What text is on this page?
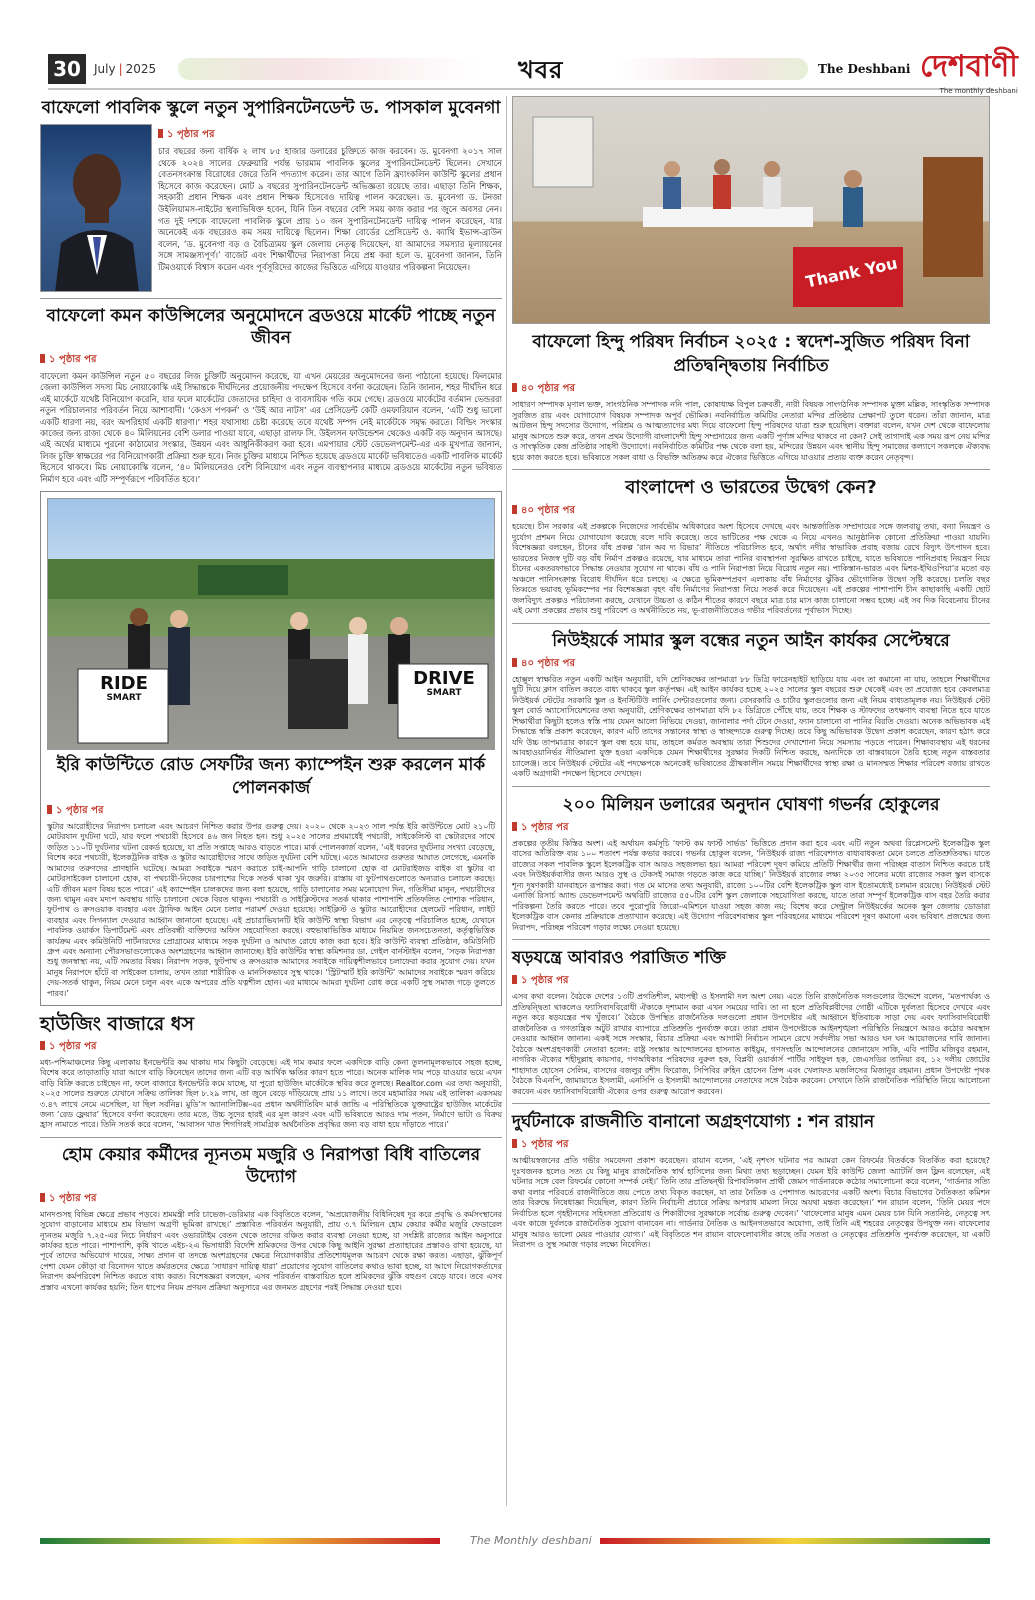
30	July | 2025	খবর	The Deshbani দেশবাণী
The monthly deshbani
বাফেলো পাবলিক স্কুলে নতুন সুপারিনটেনডেন্ট ড. পাসকাল মুবেনগা
১ পৃষ্ঠার পর
চার বছরের জন্য বার্ষিক ২ লাখ ৮৫ হাজার ডলারের চুক্তিতে কাজ করবেন। ড. মুবেনগা ২০১৭ সাল থেকে ২০২৪ সালের ফেব্রুয়ারি পর্যন্ত ভারমাম পাবলিক স্কুলের সুপারিনটেনডেন্ট ছিলেন। সেখানে বেতনসংক্রান্ত বিরোধের জেরে তিনি পদত্যাগ করেন। তার আগে তিনি ফ্র্যাংকলিন কাউন্টি স্কুলের প্রধান হিসেবে কাজ করেছেন। মোট ৯ বছরের সুপারিনটেনডেন্ট অভিজ্ঞতা রয়েছে তার। এছাড়া তিনি শিক্ষক, সহকারী প্রধান শিক্ষক এবং প্রধান শিক্ষক হিসেবেও দায়িত্ব পালন করেছেন। ড. মুবেনগা ড. টনজা উইলিয়ামস-নাইটের স্থলাভিষিক্ত হবেন, যিনি তিন বছরের বেশি সময় কাজ করার পর জুনে অবসর নেন। গত দুই দশকে বাফেলো পাবলিক স্কুলে প্রায় ১০ জন সুপারিনটেনডেন্ট দায়িত্ব পালন করেছেন, যার অনেকেই এক বছরেরও কম সময় দায়িত্বে ছিলেন। শিক্ষা বোর্ডের প্রেসিডেন্ট ও. ক্যাথি ইভান্স-ব্রাউন বলেন, ‘ড. মুবেনগা বড় ও বৈচিত্র্যময় স্কুল জেলায় নেতৃত্ব দিয়েছেন, যা আমাদের সমস্যার মূল্যায়নের সঙ্গে সামঞ্জস্যপূর্ণ।’ বাজেট এবং শিক্ষার্থীদের নিরাপত্তা নিয়ে প্রশ্ন করা হলে ড. মুবেনগা জানান, তিনি টিমওয়ার্কে বিশ্বাস করেন এবং পূর্বসূরিদের কাজের ভিত্তিতে এগিয়ে যাওয়ার পরিকল্পনা নিয়েছেন।
বাফেলো কমন কাউন্সিলের অনুমোদনে ব্রডওয়ে মার্কেট পাচ্ছে নতুন জীবন
১ পৃষ্ঠার পর
বাফেলো কমন কাউন্সিল নতুন ৫০ বছরের লিজ চুক্তিটি অনুমোদন করেছে, যা এখন মেয়রের অনুমোদনের জন্য পাঠানো হয়েছে। ফিলমোর জেলা কাউন্সিল সদস্য মিচ নোয়াকোস্কি এই সিদ্ধান্তকে দীর্ঘদিনের প্রয়োজনীয় পদক্ষেপ হিসেবে বর্ণনা করেছেন। তিনি জানান, শহর দীর্ঘদিন ধরে এই মার্কেটে যথেষ্ট বিনিয়োগ করেনি, যার ফলে মার্কেটের জেতাদের চাহিদা ও ব্যবসায়িক গতি কমে গেছে। ব্রডওয়ে মার্কেটের বর্তমান ভেন্ডররা নতুন পরিচালনার পরিবর্তন নিয়ে আশাবাদী। ‘কেওস পপকর্ন’ ও ‘উই আর নাটস’ এর প্রেসিডেন্ট কেটি ওমফারিয়ান বলেন, ‘এটি শুধু ভালো একটি ধারণা নয়, বরং অপরিহার্য একটি ধারণা।’ শহর যথাসাধ্য চেষ্টা করেছে তবে যথেষ্ট সম্পদ নেই মার্কেটকে সমৃদ্ধ করতে। বিল্ডিং সংস্কার কাজের জন্য রাজ্য থেকে ৪০ মিলিয়নের বেশি ডলার পাওয়া যাবে, এছাড়া রালফ সি. উইলসন ফাউন্ডেশন থেকেও একটি বড় অনুদান আসছে। এই অর্থের মাধ্যমে পুরনো কাঠামোর সংস্কার, উন্নয়ন এবং আধুনিকীকরণ করা হবে। এমপায়ার স্টেট ডেভেলপমেন্ট-এর এক মুখপাত্র জানান, লিজ চুক্তি স্বাক্ষরের পর বিনিয়োগকারী প্রক্রিয়া শুরু হবে। নিজ চুক্তির মাধ্যমে নিশ্চিত হয়েছে ব্রডওয়ে মার্কেট ভবিষ্যতেও একটি পাবলিক মার্কেট হিসেবে থাকবে। মিচ নোয়াকোস্কি বলেন, ‘৪০ মিলিয়নেরও বেশি বিনিয়োগ এবং নতুন ব্যবস্থাপনার মাধ্যমে ব্রডওয়ে মার্কেটের নতুন ভবিষ্যত নির্মাণ হবে এবং এটি সম্পূর্ণরূপে পরিবর্তিত হবে।’
RIDE
SMART
DRIVE
SMART
ইরি কাউন্টিতে রোড সেফটির জন্য ক্যাম্পেইন শুরু করলেন মার্ক পোলনকার্জ
১ পৃষ্ঠার পর
স্কুটার আরোহীদের নিরাপদ চলাচল এবং আচরণ নিশ্চিত করার উপর গুরুত্ব দেয়। ২০২০ থেকে ২০২৩ সাল পর্যন্ত ইরি কাউন্টিতে মোট ২১০টি মোটরযান দুর্ঘটনা ঘটে, যার ফলে পথচারী হিসেবে ৪৬ জন নিহত হন। শুধু ২০২৫ সালের প্রথমার্ধেই পথচারী, সাইকেলিস্ট বা স্কেটারদের সাথে জড়িত ১১০টি দুর্ঘটনার ঘটনা রেকর্ড হয়েছে, যা প্রতি সপ্তাহে আরও বাড়তে পারে। মার্ক পোলনকার্জ বলেন, ‘এই ধরনের দুর্ঘটনার সংখ্যা বেড়েছে, বিশেষ করে পথচারী, ইলেকট্রনিক বাইক ও স্কুটার আরোহীদের সাথে জড়িত দুর্ঘটনা বেশি ঘটছে। এতে আমাদের গুরুতর আঘাত লেগেছে, এমনকি আমাদের তরুণদের প্রাণহানি ঘটেছে। আমরা সবাইকে স্মরণ করাতে চাই-আপনি গাড়ি চালানো হোক বা মোটরাইজড বাইক বা স্কুটার বা মোটরসাইকেল চালানো হোক, বা পথচারী-নিজের চারপাশের দিকে সতর্ক থাকা খুব জরুরি। রাস্তায় বা ফুটপাথগুলোতে অন্যরাও চলাচল করছে। এটি জীবন মরণ বিষয় হতে পারে।’ এই ক্যাম্পেইন চালকদের জন্য বলা হয়েছে, গাড়ি চালানোর সময় মনোযোগ দিন, গতিসীমা মানুন, পথচারীদের জন্য থামুন এবং মদ্যপ অবস্থায় গাড়ি চালানো থেকে বিরত থাকুন। পথচারী ও সাইক্লিস্টদের সতর্ক থাকার পাশাপাশি প্রতিফলিত পোশাক পরিধান, ফুটপাথ ও ক্রসওয়াক ব্যবহার এবং ট্রাফিক আইন মেনে চলার পরামর্শ দেওয়া হয়েছে। সাইক্লিস্ট ও স্কুটার আরোহীদের হেলমেট পরিধান, লাইট ব্যবহার এবং সিগন্যাল দেওয়ার আহ্বান জানানো হয়েছে। এই প্রচারাভিযানটি ইরি কাউন্টি স্বাস্থ্য বিভাগ এর নেতৃত্বে পরিচালিত হচ্ছে, যেখানে পাবলিক ওয়ার্কস ডিপার্টমেন্ট এবং প্রতিবন্ধী ব্যক্তিদের অফিস সহযোগিতা করছে। বহুভাষাভিত্তিক মাধ্যমে নিয়মিত জনসচেতনতা, কর্তৃত্বভিত্তিক কার্যক্রম এবং কমিউনিটি পার্টনারদের প্রোগ্রামের মাধ্যমে সড়ক দুর্ঘটনা ও আঘাত রোধে কাজ করা হবে। ইরি কাউন্টি ব্যবস্থা প্রতিষ্ঠান, কমিউনিটি গ্রুপ এবং অন্যান্য পৌরসভাগুলোকেও অংশগ্রহণের আহ্বান জানাচ্ছে। ইরি কাউন্টির স্বাস্থ্য কমিশনার ডা. গেইল বার্নস্টাইন বলেন, ‘সড়ক নিরাপত্তা শুধু জনস্বাস্থ্য নয়, এটি সমতার বিষয়। নিরাপদ সড়ক, ফুটপাথ ও ক্রসওয়াক আমাদের সবাইকে দায়িত্বশীলভাবে চলাফেরা করার সুযোগ দেয়। যখন মানুষ নিরাপদে হাঁটে বা সাইকেল চালায়, তখন তারা শারীরিক ও মানসিকভাবে সুস্থ থাকে। ‘স্ট্রিটস্মার্ট ইরি কাউন্টি’ আমাদের সবাইকে স্মরণ করিয়ে দেয়-সতর্ক থাকুন, নিয়ম মেনে চলুন এবং একে অপরের প্রতি যত্নশীল হোন। এর মাধ্যমে আমরা দুর্ঘটনা রোধ করে একটি সুস্থ সমাজ গড়ে তুলতে পারব।’
হাউজিং বাজারে ধস
১ পৃষ্ঠার পর
মধ্য-পশ্চিমাঞ্চলের কিছু এলাকায় ইনভেন্টরি কম থাকায় দাম কিছুটা বেড়েছে। এই দাম কমার ফলে একদিকে বাড়ি কেনা তুলনামূলকভাবে সহজ হচ্ছে, বিশেষ করে তাড়াতাড়ি যারা আগে বাড়ি কিনেছেন তাদের জন্য এটি বড় আর্থিক ক্ষতির কারণ হতে পারে। অনেক মালিক দাম পড়ে যাওয়ার ভয়ে এখন বাড়ি বিক্রি করতে চাইছেন না, ফলে বাজারে ইনভেন্টরি কমে যাচ্ছে, যা পুরো হাউজিং মার্কেটকে স্থবির করে তুলছে। Realtor.com এর তথ্য অনুযায়ী, ২০২৫ সালের শুরুতে যেখানে সক্রিয় তালিকা ছিল ৮.২৯ লাখ, তা জুনে বেড়ে দাঁড়িয়েছে প্রায় ১১ লাখে। তবে মহামারির সময় এই তালিকা একসময় ৩.৪৭ লাখে নেমে এসেছিল, যা ছিল সর্বনিম্ন। মুডি’স অ্যানালিটিক্স-এর প্রধান অর্থনীতিবিদ মার্ক জান্ডি এ পরিস্থিতিকে যুক্তরাষ্ট্রের হাউজিং মার্কেটের জন্য ‘রেড ফ্লেয়ার’ হিসেবে বর্ণনা করেছেন। তার মতে, উচ্চ সুদের হারই এর মূল কারণ এবং এটি ভবিষ্যতে আরও দাম পতন, নির্মাণে ভাটা ও বিক্রয় হ্রাস নামাতে পারে। তিনি সতর্ক করে বলেন, ‘আবাসন খাত শিগগিরই সামগ্রিক অর্থনৈতিক প্রবৃদ্ধির জন্য বড় বাধা হয়ে দাঁড়াতে পারে।’
হোম কেয়ার কর্মীদের ন্যূনতম মজুরি ও নিরাপত্তা বিধি বাতিলের উদ্যোগ
১ পৃষ্ঠার পর
মানদণ্ডসহ বিভিন্ন ক্ষেত্রে প্রভাব পড়বে। শ্রমমন্ত্রী লরি চাভেজ-ডেরিমার এক বিবৃতিতে বলেন, ‘অপ্রয়োজনীয় বিধিনিষেধ দূর করে প্রবৃদ্ধি ও কর্মসংস্থানের সুযোগ বাড়ানোর মাধ্যমে শ্রম বিভাগ অগ্রণী ভূমিকা রাখছে।’ প্রস্তাবিত পরিবর্তন অনুযায়ী, প্রায় ৩.৭ মিলিয়ন হোম কেয়ার কর্মীর মজুরি ফেডারেল ন্যূনতম মজুরি ৭.২৫-এর নিচে নির্ধারণ এবং ওভারটাইম বেতন থেকে তাদের বঞ্চিত করার ব্যবস্থা নেওয়া হচ্ছে, যা সংশ্লিষ্ট রাজ্যের আইন অনুসারে কার্যকর হতে পারে। পাশাপাশি, কৃষি খাতে এইচ-২এ ভিসাধারী বিদেশি শ্রমিকদের উপর থেকে কিছু আইনি সুরক্ষা প্রত্যাহারের প্রস্তাবও রাখা হয়েছে, যা পূর্বে তাদের অভিযোগ দায়ের, সাক্ষ্য প্রদান বা তদন্তে অংশগ্রহণের ক্ষেত্রে নিয়োগকারীর প্রতিশোধমূলক আচরণ থেকে রক্ষা করত। এছাড়া, ঝুঁকিপূর্ণ পেশা যেমন কৌড়া বা বিনোদন খাতে কর্মরতদের ক্ষেত্রে ‘সাধারণ দায়িত্ব ধারা’ প্রয়োগের সুযোগ বাতিলের কথাও ভাবা হচ্ছে, যা আগে নিয়োগকর্তাদের নিরাপদ কর্মপরিবেশ নিশ্চিত করতে বাধ্য করত। বিশেষজ্ঞরা বলছেন, এসব পরিবর্তন বাস্তবায়িত হলে শ্রমিকদের ঝুঁকি বহুগুণ বেড়ে যাবে। তবে এসব প্রস্তাব এখনো কার্যকর হয়নি; তিন ধাপের নিয়ম প্রণয়ন প্রক্রিয়া অনুসারে এর জনমত গ্রহণের পরই সিদ্ধান্ত নেওয়া হবে।
Thank You
বাফেলো হিন্দু পরিষদ নির্বাচন ২০২৫ : স্বদেশ-সুজিত পরিষদ বিনা প্রতিদ্বন্দ্বিতায় নির্বাচিত
৪০ পৃষ্ঠার পর
সাধারণ সম্পাদক মৃণাল ভক্ত, সাংগঠনিক সম্পাদক ননি পাল, কোষাধ্যক্ষ বিপুল চক্রবর্তী, নারী বিষয়ক সাংগঠনিক সম্পাদক মুক্তা মল্লিক, সাংস্কৃতিক সম্পাদক সুরজিত রায় এবং যোগাযোগ বিষয়ক সম্পাদক অপূর্ব ভৌমিক। নবনির্বাচিত কমিটির নেতারা মন্দির প্রতিষ্ঠার প্রেক্ষাপট তুলে ধরেন। তাঁরা জানান, মাত্র আটজন হিন্দু সদস্যের উদ্যোগ, পরিশ্রম ও আত্মত্যাগের মধ্য দিয়ে বাফেলো হিন্দু পরিষদের যাত্রা শুরু হয়েছিল। বক্তারা বলেন, যখন দেশ থেকে বাফেলোয় মানুষ আসতে শুরু করে, তখন প্রথম উদ্যোগী বাংলাদেশী হিন্দু সম্প্রদায়ের জন্য একটি পূর্ণাঙ্গ মন্দির থাকবে না কেন? সেই তাগাদাই এক সময় রূপ নেয় মন্দির ও সাংস্কৃতিক কেন্দ্র প্রতিষ্ঠার সাহসী উদ্যোগে। নবনির্বাচিত কমিটির পক্ষ থেকে বলা হয়, মন্দিরের উন্নয়ন এবং স্থানীয় হিন্দু সমাজের কল্যাণে সকলকে ঐক্যবদ্ধ হয়ে কাজ করতে হবে। ভবিষ্যতে সকল বাধা ও বিভক্তি অতিক্রম করে ঐক্যের ভিত্তিতে এগিয়ে যাওয়ার প্রত্যয় ব্যক্ত করেন নেতৃবৃন্দ।
বাংলাদেশ ও ভারতের উদ্বেগ কেন?
৪০ পৃষ্ঠার পর
হয়েছে। চীন সরকার এই প্রকল্পকে নিজেদের সার্বভৌম অধিকারের অংশ হিসেবে দেখছে এবং আন্তর্জাতিক সম্প্রদায়ের সঙ্গে জলবায়ু তথ্য, বন্যা নিয়ন্ত্রণ ও দুর্যোগ প্রশমন নিয়ে যোগাযোগ করেছে বলে দাবি করেছে। তবে ভাটিতের পক্ষ থেকে এ নিয়ে এখনও আনুষ্ঠানিক কোনো প্রতিক্রিয়া পাওয়া যায়নি। বিশেষজ্ঞরা বলছেন, চীনের বাঁধ প্রকল্প ‘রান অব দ্য রিভার’ নীতিতে পরিচালিত হবে, অর্থাৎ নদীর স্বাভাবিক প্রবাহ বজায় রেখে বিদ্যুৎ উৎপাদন হবে। ভারতের নিজস্ব দুটি বড় বাঁধ নির্মাণ প্রকল্পও রয়েছে, যার মাধ্যমে তারা পানির ব্যবস্থাপনা সুরক্ষিত রাখতে চাইছে, যাতে ভবিষ্যতে পানিপ্রবাহ নিয়ন্ত্রণ নিয়ে চীনের একতরফাভাবে সিদ্ধান্ত নেওয়ার সুযোগ না থাকে। বাঁধ ও পানি নিরাপত্তা নিয়ে বিরোধ নতুন নয়। পাকিস্তান-ভারত এবং মিশর-ইথিওপিয়া’র মতো বড় অঞ্চলে পানিসংক্রান্ত বিরোধ দীর্ঘদিন ধরে চলছে। এ ক্ষেত্রে ভূমিকম্পপ্রবণ এলাকায় বাঁধ নির্মাণের ঝুঁকির ভৌগোলিক উদ্বেগ সৃষ্টি করেছে। চলতি বছর তিব্বতে ভয়াবহ ভূমিকম্পের পর বিশেষজ্ঞরা বৃহৎ বাঁধ নির্মাণের নিরাপত্তা নিয়ে সতর্ক করে দিয়েছেন। এই প্রকল্পের পাশাপাশি চীন কাছাকাছি একটি ছোট জলবিদ্যুৎ প্রকল্পও পরিচালনা করছে, যেখানে উচ্চতা ও কঠিন শীতের কারণে বছরে মাত্র চার মাস কাজ চালানো সম্ভব হচ্ছে। এই সব দিক বিবেচনায় চীনের এই মেগা প্রকল্পের প্রভাব শুধু পরিবেশ ও অর্থনীতিতে নয়, ভূ-রাজনীতিতেও গভীর পরিবর্তনের পূর্বাভাস দিচ্ছে।
নিউইয়র্কে সামার স্কুল বন্ধের নতুন আইন কার্যকর সেপ্টেম্বরে
৪০ পৃষ্ঠার পর
হোক্সুল স্বাক্ষরিত নতুন একটি আইন অনুযায়ী, যদি শ্রেণিকক্ষের তাপমাত্রা ৮৮ ডিগ্রি ফারেনহাইট ছাড়িয়ে যায় এবং তা কমানো না যায়, তাহলে শিক্ষার্থীদের ছুটি দিয়ে ক্লাস বাতিল করতে বাধ্য থাকবে স্কুল কর্তৃপক্ষ। এই আইন কার্যকর হচ্ছে ২০২৫ সালের স্কুল বছরের শুরু থেকেই এবং তা প্রযোজ্য হবে কেবলমাত্র নিউইয়র্ক স্টেটের সরকারি স্কুল ও ইনস্টিটিউ লার্নিং সেন্টারগুলোর জন্য। বেসরকারি ও চার্টার স্কুলগুলোর জন্য এই নিয়ম বাধ্যতামূলক নয়। নিউইয়র্ক স্টেট স্কুল বোর্ড অ্যাসোসিয়েশনের তথ্য অনুযায়ী, শ্রেণিকক্ষের তাপমাত্রা যদি ৮২ ডিগ্রিতে পৌঁছে যায়, তবে শিক্ষক ও স্টাফদের তৎক্ষণাৎ ব্যবস্থা নিতে হবে যাতে শিক্ষার্থীরা কিছুটা হলেও স্বস্তি পায় যেমন আলো নিভিয়ে দেওয়া, জানালার পর্দা টেনে দেওয়া, ফ্যান চালানো বা পানির বিরতি দেওয়া। অনেক অভিভাবক এই সিদ্ধান্তে স্বস্তি প্রকাশ করেছেন, কারণ এটি তাদের সন্তানের স্বাস্থ্য ও স্বাচ্ছন্দ্যকে গুরুত্ব দিচ্ছে। তবে কিছু অভিভাবক উদ্বেগ প্রকাশ করেছেন, কারণ হঠাৎ করে যদি উচ্চ তাপমাত্রার কারণে স্কুল বন্ধ হয়ে যায়, তাহলে কর্মরত অবস্থায় তারা শিশুদের দেখাশোনা নিয়ে সমস্যায় পড়তে পারেন। শিক্ষাব্যবস্থায় এই ধরনের আবহাওয়ানির্ভর নীতিমালা যুক্ত হওয়া একদিকে যেমন শিক্ষার্থীদের সুরক্ষার দিকটি নিশ্চিত করছে, অন্যদিকে তা বাস্তবায়নে তৈরি হচ্ছে নতুন বাস্তবতার চ্যালেঞ্জ। তবে নিউইয়র্ক স্টেটের এই পদক্ষেপকে অনেকেই ভবিষ্যতের গ্রীষ্মকালীন সময়ে শিক্ষার্থীদের স্বাস্থ্য রক্ষা ও মানসম্মত শিক্ষার পরিবেশ বজায় রাখতে একটি অগ্রগামী পদক্ষেপ হিসেবে দেখছেন।
২০০ মিলিয়ন ডলারের অনুদান ঘোষণা গভর্নর হোকুলের
১ পৃষ্ঠার পর
প্রকল্পের তৃতীয় কিস্তির অংশ। এই অর্থায়ন কর্মসূচি ‘ফাস্ট কম ফার্স্ট সার্ভড’ ভিত্তিতে প্রদান করা হবে এবং এটি নতুন অথবা রিপ্লেসমেন্ট ইলেকট্রিক স্কুল বাসের অতিরিক্ত ব্যয় ১০০ শতাংশ পর্যন্ত কভার করবে। গভর্নর হোকুল বলেন, ‘নিউইয়র্ক রাজ্য পরিবেশগত বাধ্যবাধকতা মেনে চলতে প্রতিশ্রুতিবদ্ধ। যাতে রাজ্যের সকল পাবলিক স্কুলে ইলেকট্রিক বাস আরও সহজলভ্য হয়। আমরা পরিবেশ দূষণ কমিয়ে প্রতিটি শিক্ষার্থীর জন্য পরিচ্ছন্ন বাতাস নিশ্চিত করতে চাই এবং নিউইয়র্কবাসীর জন্য আরও সুস্থ ও টেকসই সমাজ গড়তে কাজ করে যাচ্ছি।’ নিউইয়র্ক রাজ্যের লক্ষ্য ২০৩৫ সালের মধ্যে রাজ্যের সকল স্কুল বাসকে শূন্য দূষণকারী যানবাহনে রূপান্তর করা। গত মে মাসের তথ্য অনুযায়ী, রাজ্যে ১০০টির বেশি ইলেকট্রিক স্কুল বাস ইতোমধ্যেই চলমান রয়েছে। নিউইয়র্ক স্টেট এনার্জি রিসার্চ অ্যান্ড ডেভেলপমেন্ট অথরিটি রাজ্যের ৫৫০টির বেশি স্কুল জেলাকে সহযোগিতা করছে, যাতে তারা সম্পূর্ণ ইলেকট্রিক বাস বহর তৈরি করার পরিকল্পনা তৈরি করতে পারে। তবে পুরোপুরি জিরো-এমিশনে যাওয়া সহজ কাজ নয়; বিশেষ করে সেন্ট্রাল নিউইয়র্কের অনেক স্কুল জেলায় ডোডারা ইলেকট্রিক বাস কেনার প্রক্রিয়াকে প্রত্যাখ্যান করেছে। এই উদ্যোগ পরিবেশবান্ধব স্কুল পরিবহনের মাধ্যমে পরিবেশ দূষণ কমানো এবং ভবিষ্যৎ প্রজন্মের জন্য নিরাপদ, পরিচ্ছন্ন পরিবেশ গড়ার লক্ষ্যে নেওয়া হয়েছে।
ষড়যন্ত্রে আবারও পরাজিত শক্তি
১ পৃষ্ঠার পর
এসব কথা বলেন। বৈঠকে দেশের ১৩টি প্রগতিশীল, মধ্যপন্থী ও ইসলামী দল অংশ নেয়। এতে তিনি রাজনৈতিক দলগুলোর উদ্দেশে বলেন, ‘মতপার্থক্য ও প্রতিদ্বন্দ্বিতা থাকলেও ফ্যাসিবাদবিরোধী ঐক্যকে দৃশ্যমান করা এখন সময়ের দাবি। তা না হলে প্রতিবিপ্লবীদের গোষ্ঠী এটিকে দুর্বলতা হিসেবে দেখবে এবং নতুন করে ষড়যন্ত্রের পথ খুঁজবে।’ বৈঠকে উপস্থিত রাজনৈতিক দলগুলো প্রধান উপদেষ্টার এই আহ্বানে ইতিবাচক সাড়া দেয় এবং ফ্যাসিবাদবিরোধী রাজনৈতিক ও গণতান্ত্রিক অটুট রাখার ব্যাপারে প্রতিশ্রুতি পুনর্ব্যক্ত করে। তারা প্রধান উপদেষ্টাকে আইনশৃঙ্খলা পরিস্থিতি নিয়ন্ত্রণে আরও কঠোর অবস্থান নেওয়ার আহ্বান জানান। একই সঙ্গে সংস্কার, বিচার প্রক্রিয়া এবং আগামী নির্বাচন সামনে রেখে সর্বদলীয় সভা আরও ঘন ঘন আয়োজনের দাবি জানান। বৈঠকে অংশগ্রহণকারী নেতারা হলেন: রাষ্ট্র সংস্কার আন্দোলনের হাসনাত কাইয়ুম, গণসংহতি আন্দোলনের জোনায়েদ সাকি, এবি পার্টির মজিবুর রহমান, নাগরিক ঐক্যের শহীদুল্লাহ কায়সার, গণঅধিকার পরিষদের নুরুল হক, বিপ্লবী ওয়ার্কার্স পার্টির সাইফুল হক, জেএসডির তানিয়া রব, ১২ দলীয় জোটের শাহাদাত হোসেন সেলিম, বাসদের বজলুর রশীদ ফিরোজ, সিপিবির রুহিন হোসেন প্রিন্স এবং খেলাফত মজলিসের মিজানুর রহমান। প্রধান উপদেষ্টা পৃথক বৈঠকে বিএনপি, জামায়াতে ইসলামী, এনসিপি ও ইসলামী আন্দোলনের নেতাদের সঙ্গে বৈঠক করবেন। সেখানে তিনি রাজনৈতিক পরিস্থিতি নিয়ে আলোচনা করবেন এবং ফ্যাসিবাদবিরোধী ঐক্যের ওপর গুরুত্ব আরোপ করবেন।
দুর্ঘটনাকে রাজনীতি বানানো অগ্রহণযোগ্য : শন রায়ান
১ পৃষ্ঠার পর
আত্মীয়স্বজনের প্রতি গভীর সমবেদনা প্রকাশ করেছেন। রায়ান বলেন, ‘এই নৃশংস ঘটনার পর আমরা কেন রিফর্মের বিতর্ককে বিতর্কিত করা হয়েছে? দুঃখজনক হলেও সত্য যে কিছু মানুষ রাজনৈতিক স্বার্থ হাসিলের জন্য মিথ্যা তথ্য ছড়াচ্ছেন। যেমন ইরি কাউন্টি জেলা অ্যাটর্নি জন ফ্লিন বলেছেন, এই ঘটনার সঙ্গে বেল রিফর্মের কোনো সম্পর্ক নেই।’ তিনি তার প্রতিদ্বন্দ্বী রিপাবলিকান প্রার্থী জেমস গার্ডনারকে কঠোর সমালোচনা করে বলেন, ‘গার্ডনার সত্যি কথা বলার পরিবর্তে রাজনীতিতে জয় পেতে তথ্য বিকৃত করছেন, যা তার নৈতিক ও পেশাগত আচরণের একটি অংশ। বিচার বিভাগের নৈতিকতা কমিশন তার বিরুদ্ধে নিষেধাজ্ঞা দিয়েছিল, কারণ তিনি নির্বাচনী প্রচারে সক্রিয় অপরাধ মামলা নিয়ে অযথা মন্তব্য করেছেন।’ শন রায়ান বলেন, ‘তিনি মেয়র পদে নির্বাচিত হলে গৃহহীনদের সহিংসতা প্রতিরোধ ও শিকারীদের সুরক্ষাকে সর্বোচ্চ গুরুত্ব দেবেন।’ ‘বাফেলোর মানুষ এমন মেয়র চান যিনি সত্যনিষ্ঠ, নেতৃত্বে সৎ এবং কাজে দুর্বলকে রাজনৈতিক সুযোগ বানাবেন না। গার্ডনার নৈতিক ও আইনগতভাবে অযোগ্য, তাই তিনি এই শহরের নেতৃত্বের উপযুক্ত নন। বাফেলোর মানুষ আরও ভালো মেয়র পাওয়ার যোগ্য।’ এই বিবৃতিতে শন রায়ান বাফেলোবাসীর কাছে তাঁর সততা ও নেতৃত্বের প্রতিশ্রুতি পুনর্ব্যক্ত করেছেন, যা একটি নিরাপদ ও সুস্থ সমাজ গড়ার লক্ষ্যে নিবেদিত।
The Monthly deshbani
